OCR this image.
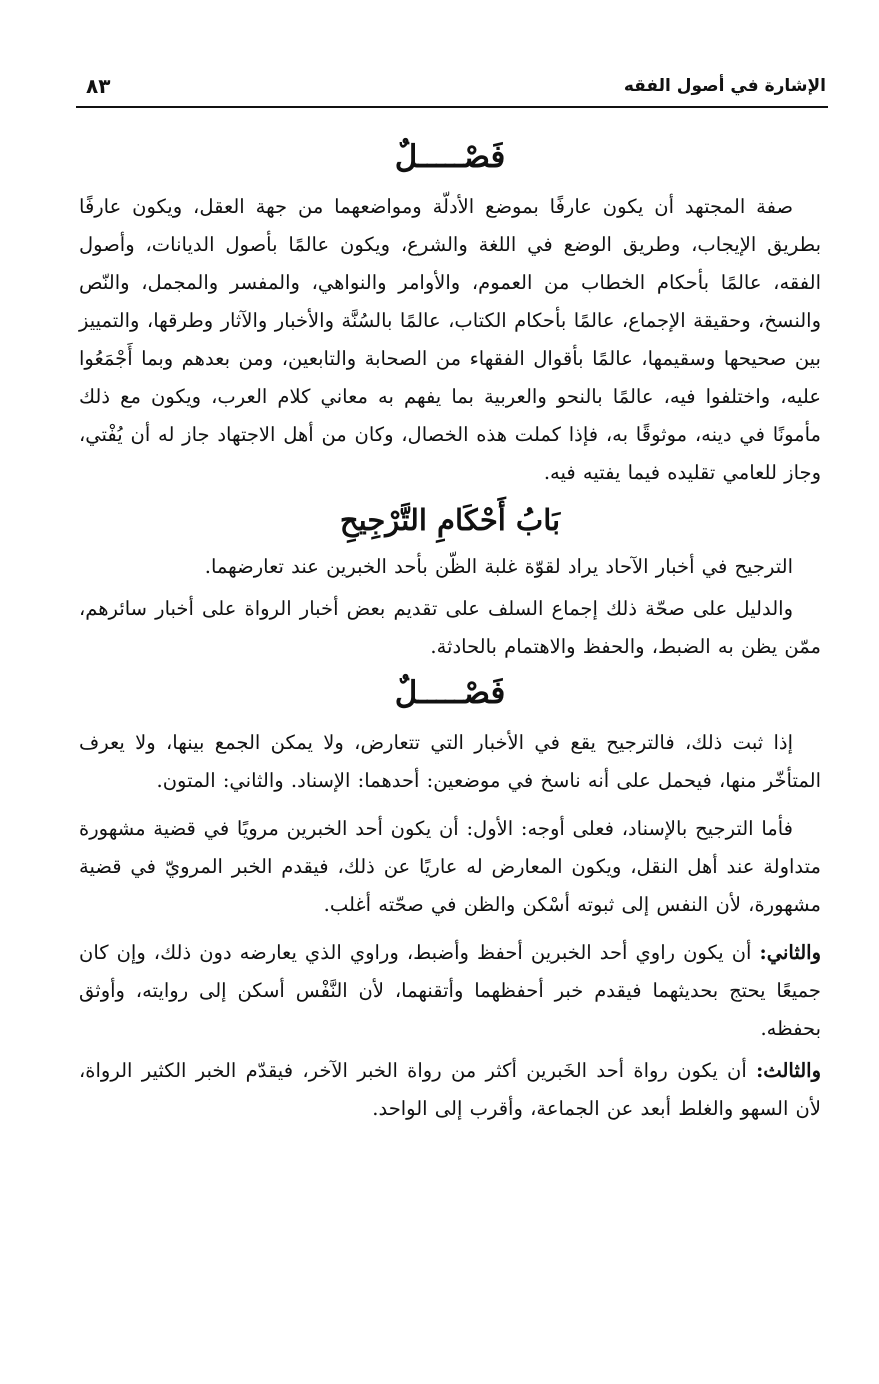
الإشارة في أصول الفقه
٨٣
فَصْـــــلٌ

صفة المجتهد أن يكون عارفًا بموضع الأدلّة ومواضعهما من جهة العقل، ويكون عارفًا بطريق الإيجاب، وطريق الوضع في اللغة والشرع، ويكون عالمًا بأصول الديانات، وأصول الفقه، عالمًا بأحكام الخطاب من العموم، والأوامر والنواهي، والمفسر والمجمل، والنّص والنسخ، وحقيقة الإجماع، عالمًا بأحكام الكتاب، عالمًا بالسُنَّة والأخبار والآثار وطرقها، والتمييز بين صحيحها وسقيمها، عالمًا بأقوال الفقهاء من الصحابة والتابعين، ومن بعدهم وبما أَجْمَعُوا عليه، واختلفوا فيه، عالمًا بالنحو والعربية بما يفهم به معاني كلام العرب، ويكون مع ذلك مأمونًا في دينه، موثوقًا به، فإذا كملت هذه الخصال، وكان من أهل الاجتهاد جاز له أن يُفْتي، وجاز للعامي تقليده فيما يفتيه فيه.

بَابُ أَحْكَامِ التَّرْجِيحِ

الترجيح في أخبار الآحاد يراد لقوّة غلبة الظّن بأحد الخبرين عند تعارضهما.

والدليل على صحّة ذلك إجماع السلف على تقديم بعض أخبار الرواة على أخبار سائرهم، ممّن يظن به الضبط، والحفظ والاهتمام بالحادثة.

فَصْـــــلٌ

إذا ثبت ذلك، فالترجيح يقع في الأخبار التي تتعارض، ولا يمكن الجمع بينها، ولا يعرف المتأخّر منها، فيحمل على أنه ناسخ في موضعين: أحدهما: الإسناد. والثاني: المتون.

فأما الترجيح بالإسناد، فعلى أوجه: الأول: أن يكون أحد الخبرين مرويًا في قضية مشهورة متداولة عند أهل النقل، ويكون المعارض له عاريًا عن ذلك، فيقدم الخبر المرويّ في قضية مشهورة، لأن النفس إلى ثبوته أسْكن والظن في صحّته أغلب.

والثاني: أن يكون راوي أحد الخبرين أحفظ وأضبط، وراوي الذي يعارضه دون ذلك، وإن كان جميعًا يحتج بحديثهما فيقدم خبر أحفظهما وأتقنهما، لأن النَّفْس أسكن إلى روايته، وأوثق بحفظه.

والثالث: أن يكون رواة أحد الخَبرين أكثر من رواة الخبر الآخر، فيقدّم الخبر الكثير الرواة، لأن السهو والغلط أبعد عن الجماعة، وأقرب إلى الواحد.
